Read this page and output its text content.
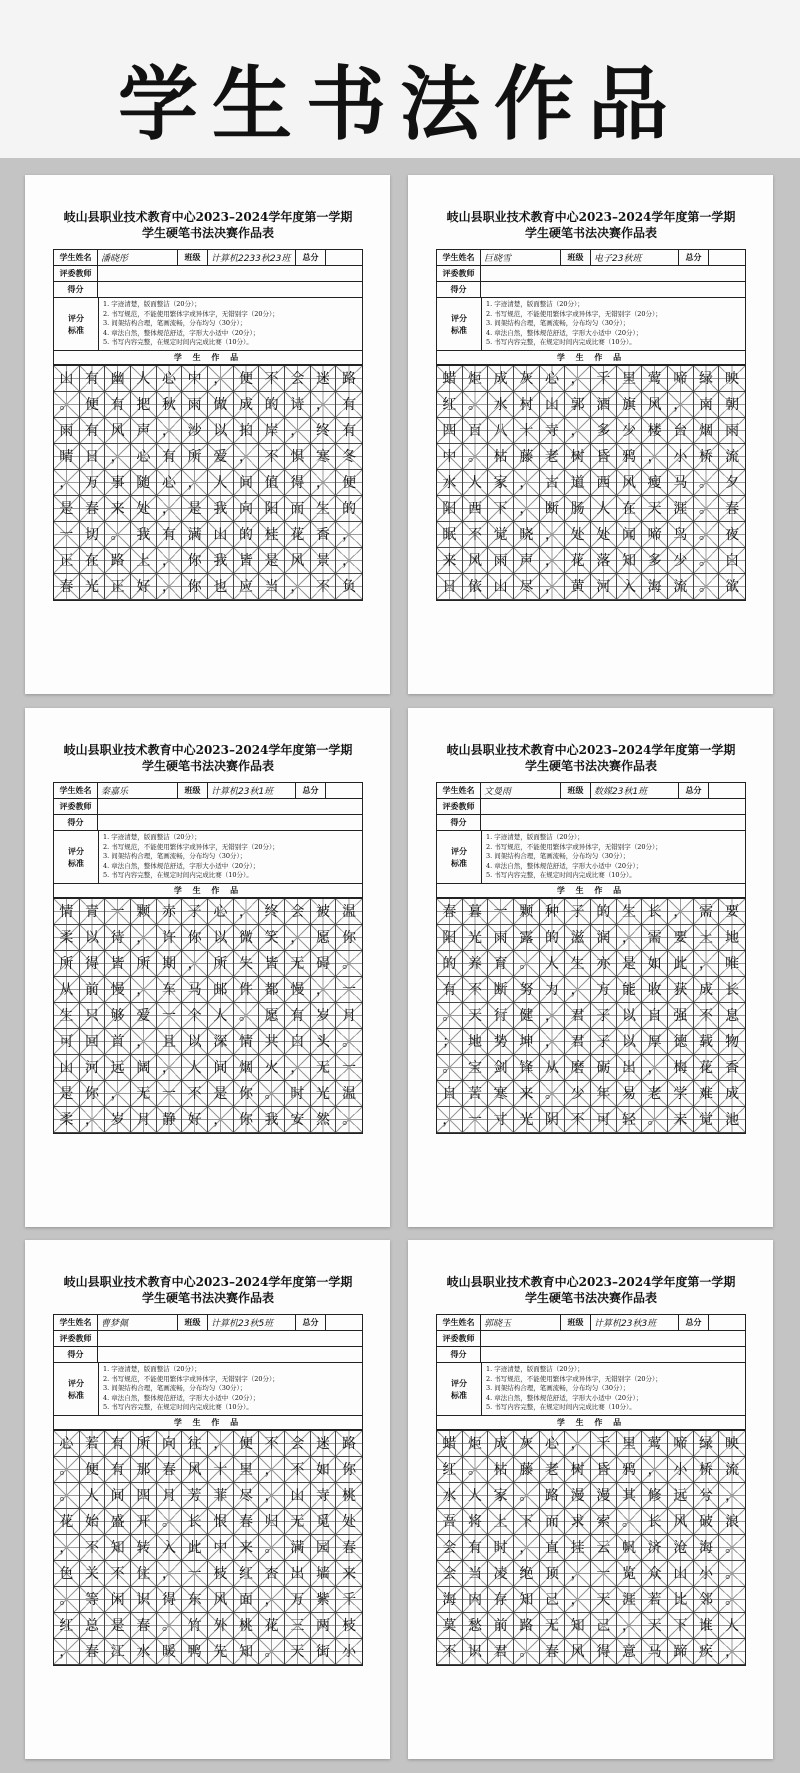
学生书法作品
岐山县职业技术教育中心2023–2024学年度第一学期
学生硬笔书法决赛作品表
学生姓名	潘晓彤	班级	计算机2233秋23班	总分
评委教师
得分
评分
标准
1. 字迹清楚，版面整洁（20分）；
2. 书写规范，不能使用繁体字或异体字，无错别字（20分）；
3. 间架结构合理，笔画流畅，分布均匀（30分）；
4. 章法自然，整体规范舒适，字形大小适中（20分）；
5. 书写内容完整，在规定时间内完成比赛（10分）。
学 生 作 品
山 有 幽 人 心 中 ， 便 不 会 迷 路
。 便 有 把 秋 雨 做 成 的 诗 ， 有
雨 有 风 声 ， 沙 以 拍 岸 ， 终 有
晴 日 ， 心 有 所 爱 ， 不 惧 寒 冬
， 万 事 随 心 ， 人 间 值 得 ， 便
是 春 来 处 ， 是 我 向 阳 而 生 的
一 切 。 我 有 满 山 的 桂 花 香 ，
正 在 路 上 ， 你 我 皆 是 风 景 ，
春 光 正 好 ， 你 也 应 当 ， 不 负
岐山县职业技术教育中心2023–2024学年度第一学期
学生硬笔书法决赛作品表
学生姓名	巨晓雪	班级	电子23秋班	总分
评委教师
得分
评分
标准
1. 字迹清楚，版面整洁（20分）；
2. 书写规范，不能使用繁体字或异体字，无错别字（20分）；
3. 间架结构合理，笔画流畅，分布均匀（30分）；
4. 章法自然，整体规范舒适，字形大小适中（20分）；
5. 书写内容完整，在规定时间内完成比赛（10分）。
学 生 作 品
蜡 炬 成 灰 心 ， 千 里 莺 啼 绿 映
红 。 水 村 山 郭 酒 旗 风 ， 南 朝
四 百 八 十 寺 ， 多 少 楼 台 烟 雨
中 。 枯 藤 老 树 昏 鸦 ， 小 桥 流
水 人 家 ， 古 道 西 风 瘦 马 。 夕
阳 西 下 ， 断 肠 人 在 天 涯 。 春
眠 不 觉 晓 ， 处 处 闻 啼 鸟 。 夜
来 风 雨 声 ， 花 落 知 多 少 。 白
日 依 山 尽 ， 黄 河 入 海 流 。 欲
岐山县职业技术教育中心2023–2024学年度第一学期
学生硬笔书法决赛作品表
学生姓名	秦嘉乐	班级	计算机23秋1班	总分
评委教师
得分
评分
标准
1. 字迹清楚，版面整洁（20分）；
2. 书写规范，不能使用繁体字或异体字，无错别字（20分）；
3. 间架结构合理，笔画流畅，分布均匀（30分）；
4. 章法自然，整体规范舒适，字形大小适中（20分）；
5. 书写内容完整，在规定时间内完成比赛（10分）。
学 生 作 品
情 青 一 颗 赤 子 心 ， 终 会 被 温
柔 以 待 ， 许 你 以 微 笑 ， 愿 你
所 得 皆 所 期 ， 所 失 皆 无 碍 。
从 前 慢 ， 车 马 邮 件 都 慢 ， 一
生 只 够 爱 一 个 人 。 愿 有 岁 月
可 回 首 ， 且 以 深 情 共 白 头 。
山 河 远 阔 ， 人 间 烟 火 ， 无 一
是 你 ， 无 一 不 是 你 。 时 光 温
柔 ， 岁 月 静 好 ， 你 我 安 然 。
岐山县职业技术教育中心2023–2024学年度第一学期
学生硬笔书法决赛作品表
学生姓名	文曼雨	班级	数媒23秋1班	总分
评委教师
得分
评分
标准
1. 字迹清楚，版面整洁（20分）；
2. 书写规范，不能使用繁体字或异体字，无错别字（20分）；
3. 间架结构合理，笔画流畅，分布均匀（30分）；
4. 章法自然，整体规范舒适，字形大小适中（20分）；
5. 书写内容完整，在规定时间内完成比赛（10分）。
学 生 作 品
春 暮 一 颗 种 子 的 生 长 ， 需 要
阳 光 雨 露 的 滋 润 ， 需 要 土 地
的 养 育 。 人 生 亦 是 如 此 ， 唯
有 不 断 努 力 ， 方 能 收 获 成 长
。 天 行 健 ， 君 子 以 自 强 不 息
； 地 势 坤 ， 君 子 以 厚 德 载 物
。 宝 剑 锋 从 磨 砺 出 ， 梅 花 香
自 苦 寒 来 。 少 年 易 老 学 难 成
， 一 寸 光 阴 不 可 轻 。 未 觉 池
岐山县职业技术教育中心2023–2024学年度第一学期
学生硬笔书法决赛作品表
学生姓名	曹梦佩	班级	计算机23秋5班	总分
评委教师
得分
评分
标准
1. 字迹清楚，版面整洁（20分）；
2. 书写规范，不能使用繁体字或异体字，无错别字（20分）；
3. 间架结构合理，笔画流畅，分布均匀（30分）；
4. 章法自然，整体规范舒适，字形大小适中（20分）；
5. 书写内容完整，在规定时间内完成比赛（10分）。
学 生 作 品
心 若 有 所 向 往 ， 便 不 会 迷 路
。 便 有 那 春 风 十 里 ， 不 如 你
。 人 间 四 月 芳 菲 尽 ， 山 寺 桃
花 始 盛 开 。 长 恨 春 归 无 觅 处
， 不 知 转 入 此 中 来 。 满 园 春
色 关 不 住 ， 一 枝 红 杏 出 墙 来
。 等 闲 识 得 东 风 面 ， 万 紫 千
红 总 是 春 。 竹 外 桃 花 三 两 枝
， 春 江 水 暖 鸭 先 知 。 天 街 小
岐山县职业技术教育中心2023–2024学年度第一学期
学生硬笔书法决赛作品表
学生姓名	郭晓玉	班级	计算机23秋3班	总分
评委教师
得分
评分
标准
1. 字迹清楚，版面整洁（20分）；
2. 书写规范，不能使用繁体字或异体字，无错别字（20分）；
3. 间架结构合理，笔画流畅，分布均匀（30分）；
4. 章法自然，整体规范舒适，字形大小适中（20分）；
5. 书写内容完整，在规定时间内完成比赛（10分）。
学 生 作 品
蜡 炬 成 灰 心 ， 千 里 莺 啼 绿 映
红 。 枯 藤 老 树 昏 鸦 ， 小 桥 流
水 人 家 。 路 漫 漫 其 修 远 兮 ，
吾 将 上 下 而 求 索 。 长 风 破 浪
会 有 时 ， 直 挂 云 帆 济 沧 海 。
会 当 凌 绝 顶 ， 一 览 众 山 小 。
海 内 存 知 己 ， 天 涯 若 比 邻 。
莫 愁 前 路 无 知 己 ， 天 下 谁 人
不 识 君 。 春 风 得 意 马 蹄 疾 ，
